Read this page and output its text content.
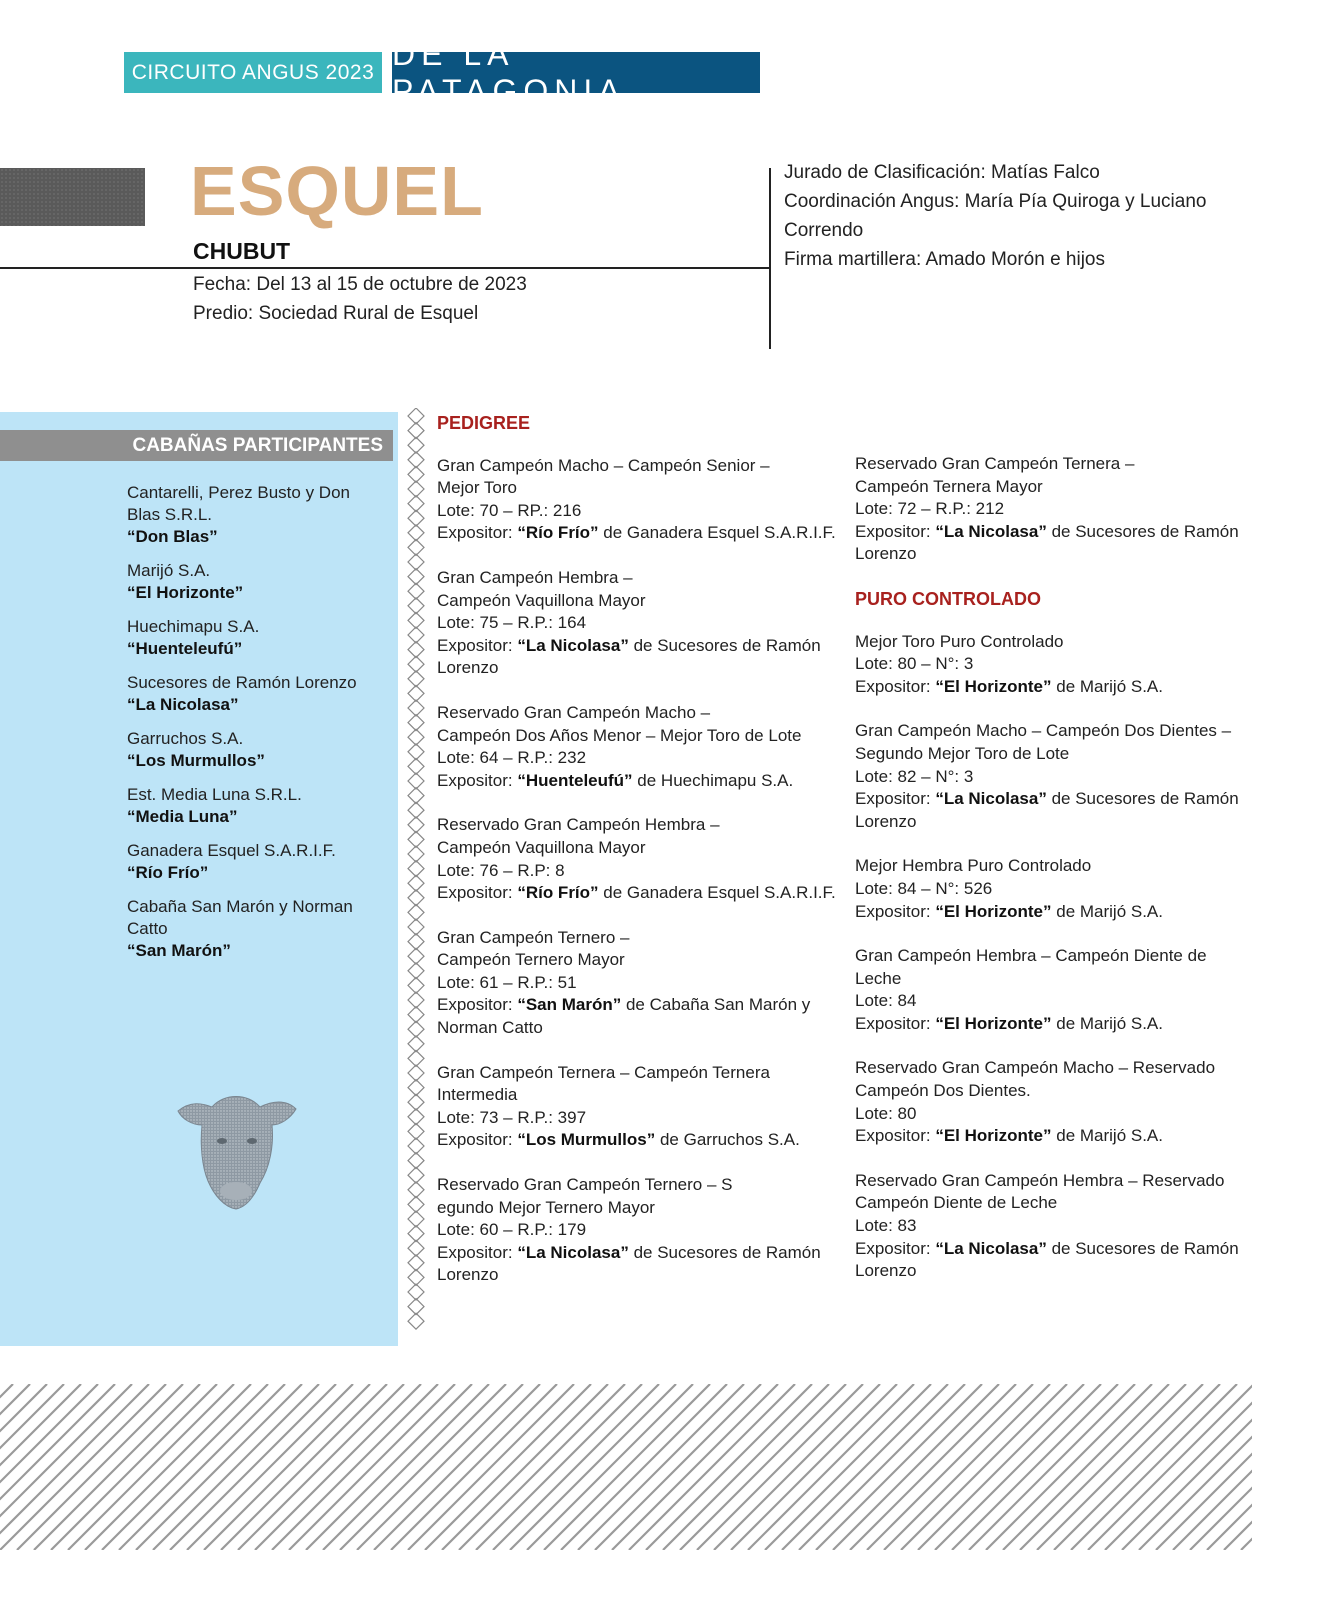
CIRCUITO ANGUS 2023
DE LA PATAGONIA
ESQUEL
CHUBUT
Fecha: Del 13 al 15 de octubre de 2023
Predio: Sociedad Rural de Esquel
Jurado de Clasificación: Matías Falco
Coordinación Angus: María Pía Quiroga y Luciano
Correndo
Firma martillera: Amado Morón e hijos
CABAÑAS PARTICIPANTES
Cantarelli, Perez Busto y Don Blas S.R.L.
“Don Blas”
Marijó S.A.
“El Horizonte”
Huechimapu S.A.
“Huenteleufú”
Sucesores de Ramón Lorenzo
“La Nicolasa”
Garruchos S.A.
“Los Murmullos”
Est. Media Luna S.R.L.
“Media Luna”
Ganadera Esquel S.A.R.I.F.
“Río Frío”
Cabaña San Marón y Norman Catto
“San Marón”
PEDIGREE
Gran Campeón Macho – Campeón Senior –
Mejor Toro
Lote: 70 – RP.: 216
Expositor: “Río Frío” de Ganadera Esquel S.A.R.I.F.
Gran Campeón Hembra –
Campeón Vaquillona Mayor
Lote: 75 – R.P.: 164
Expositor: “La Nicolasa” de Sucesores de Ramón Lorenzo
Reservado Gran Campeón Macho –
Campeón Dos Años Menor – Mejor Toro de Lote
Lote: 64 – R.P.: 232
Expositor: “Huenteleufú” de Huechimapu S.A.
Reservado Gran Campeón Hembra –
Campeón Vaquillona Mayor
Lote: 76 – R.P: 8
Expositor: “Río Frío” de Ganadera Esquel S.A.R.I.F.
Gran Campeón Ternero –
Campeón Ternero Mayor
Lote: 61 – R.P.: 51
Expositor: “San Marón” de Cabaña San Marón y Norman Catto
Gran Campeón Ternera – Campeón Ternera
Intermedia
Lote: 73 – R.P.: 397
Expositor: “Los Murmullos” de Garruchos S.A.
Reservado Gran Campeón Ternero – S
egundo Mejor Ternero Mayor
Lote: 60 – R.P.: 179
Expositor: “La Nicolasa” de Sucesores de Ramón Lorenzo
Reservado Gran Campeón Ternera –
Campeón Ternera Mayor
Lote: 72 – R.P.: 212
Expositor: “La Nicolasa” de Sucesores de Ramón Lorenzo
PURO CONTROLADO
Mejor Toro Puro Controlado
Lote: 80 – N°: 3
Expositor: “El Horizonte” de Marijó S.A.
Gran Campeón Macho – Campeón Dos Dientes –
Segundo Mejor Toro de Lote
Lote: 82 – N°: 3
Expositor: “La Nicolasa” de Sucesores de Ramón Lorenzo
Mejor Hembra Puro Controlado
Lote: 84 – N°: 526
Expositor: “El Horizonte” de Marijó S.A.
Gran Campeón Hembra – Campeón Diente de
Leche
Lote: 84
Expositor: “El Horizonte” de Marijó S.A.
Reservado Gran Campeón Macho – Reservado
Campeón Dos Dientes.
Lote: 80
Expositor: “El Horizonte” de Marijó S.A.
Reservado Gran Campeón Hembra – Reservado
Campeón Diente de Leche
Lote: 83
Expositor: “La Nicolasa” de Sucesores de Ramón Lorenzo
